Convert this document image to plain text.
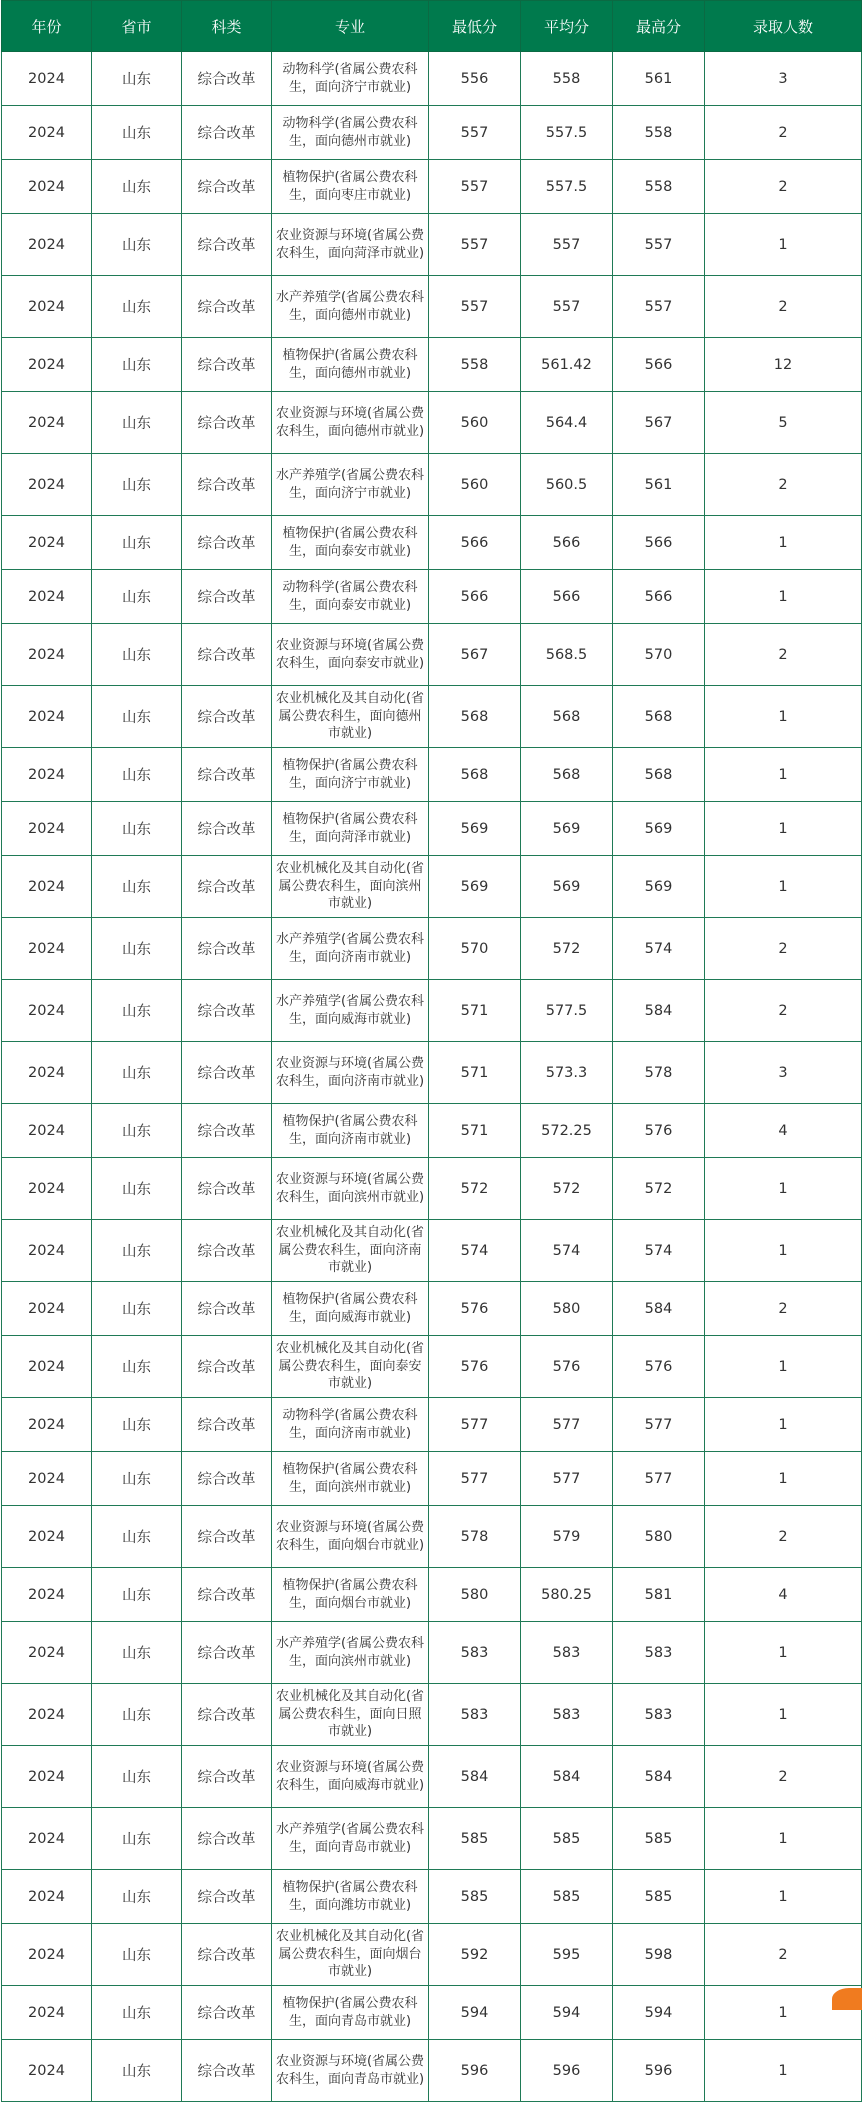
年份	省市	科类	专业	最低分	平均分	最高分	录取人数
2024	山东	综合改革	动物科学(省属公费农科生，面向济宁市就业)	556	558	561	3
2024	山东	综合改革	动物科学(省属公费农科生，面向德州市就业)	557	557.5	558	2
2024	山东	综合改革	植物保护(省属公费农科生，面向枣庄市就业)	557	557.5	558	2
2024	山东	综合改革	农业资源与环境(省属公费农科生，面向菏泽市就业)	557	557	557	1
2024	山东	综合改革	水产养殖学(省属公费农科生，面向德州市就业)	557	557	557	2
2024	山东	综合改革	植物保护(省属公费农科生，面向德州市就业)	558	561.42	566	12
2024	山东	综合改革	农业资源与环境(省属公费农科生，面向德州市就业)	560	564.4	567	5
2024	山东	综合改革	水产养殖学(省属公费农科生，面向济宁市就业)	560	560.5	561	2
2024	山东	综合改革	植物保护(省属公费农科生，面向泰安市就业)	566	566	566	1
2024	山东	综合改革	动物科学(省属公费农科生，面向泰安市就业)	566	566	566	1
2024	山东	综合改革	农业资源与环境(省属公费农科生，面向泰安市就业)	567	568.5	570	2
2024	山东	综合改革	农业机械化及其自动化(省属公费农科生，面向德州市就业)	568	568	568	1
2024	山东	综合改革	植物保护(省属公费农科生，面向济宁市就业)	568	568	568	1
2024	山东	综合改革	植物保护(省属公费农科生，面向菏泽市就业)	569	569	569	1
2024	山东	综合改革	农业机械化及其自动化(省属公费农科生，面向滨州市就业)	569	569	569	1
2024	山东	综合改革	水产养殖学(省属公费农科生，面向济南市就业)	570	572	574	2
2024	山东	综合改革	水产养殖学(省属公费农科生，面向威海市就业)	571	577.5	584	2
2024	山东	综合改革	农业资源与环境(省属公费农科生，面向济南市就业)	571	573.3	578	3
2024	山东	综合改革	植物保护(省属公费农科生，面向济南市就业)	571	572.25	576	4
2024	山东	综合改革	农业资源与环境(省属公费农科生，面向滨州市就业)	572	572	572	1
2024	山东	综合改革	农业机械化及其自动化(省属公费农科生，面向济南市就业)	574	574	574	1
2024	山东	综合改革	植物保护(省属公费农科生，面向威海市就业)	576	580	584	2
2024	山东	综合改革	农业机械化及其自动化(省属公费农科生，面向泰安市就业)	576	576	576	1
2024	山东	综合改革	动物科学(省属公费农科生，面向济南市就业)	577	577	577	1
2024	山东	综合改革	植物保护(省属公费农科生，面向滨州市就业)	577	577	577	1
2024	山东	综合改革	农业资源与环境(省属公费农科生，面向烟台市就业)	578	579	580	2
2024	山东	综合改革	植物保护(省属公费农科生，面向烟台市就业)	580	580.25	581	4
2024	山东	综合改革	水产养殖学(省属公费农科生，面向滨州市就业)	583	583	583	1
2024	山东	综合改革	农业机械化及其自动化(省属公费农科生，面向日照市就业)	583	583	583	1
2024	山东	综合改革	农业资源与环境(省属公费农科生，面向威海市就业)	584	584	584	2
2024	山东	综合改革	水产养殖学(省属公费农科生，面向青岛市就业)	585	585	585	1
2024	山东	综合改革	植物保护(省属公费农科生，面向潍坊市就业)	585	585	585	1
2024	山东	综合改革	农业机械化及其自动化(省属公费农科生，面向烟台市就业)	592	595	598	2
2024	山东	综合改革	植物保护(省属公费农科生，面向青岛市就业)	594	594	594	1
2024	山东	综合改革	农业资源与环境(省属公费农科生，面向青岛市就业)	596	596	596	1
